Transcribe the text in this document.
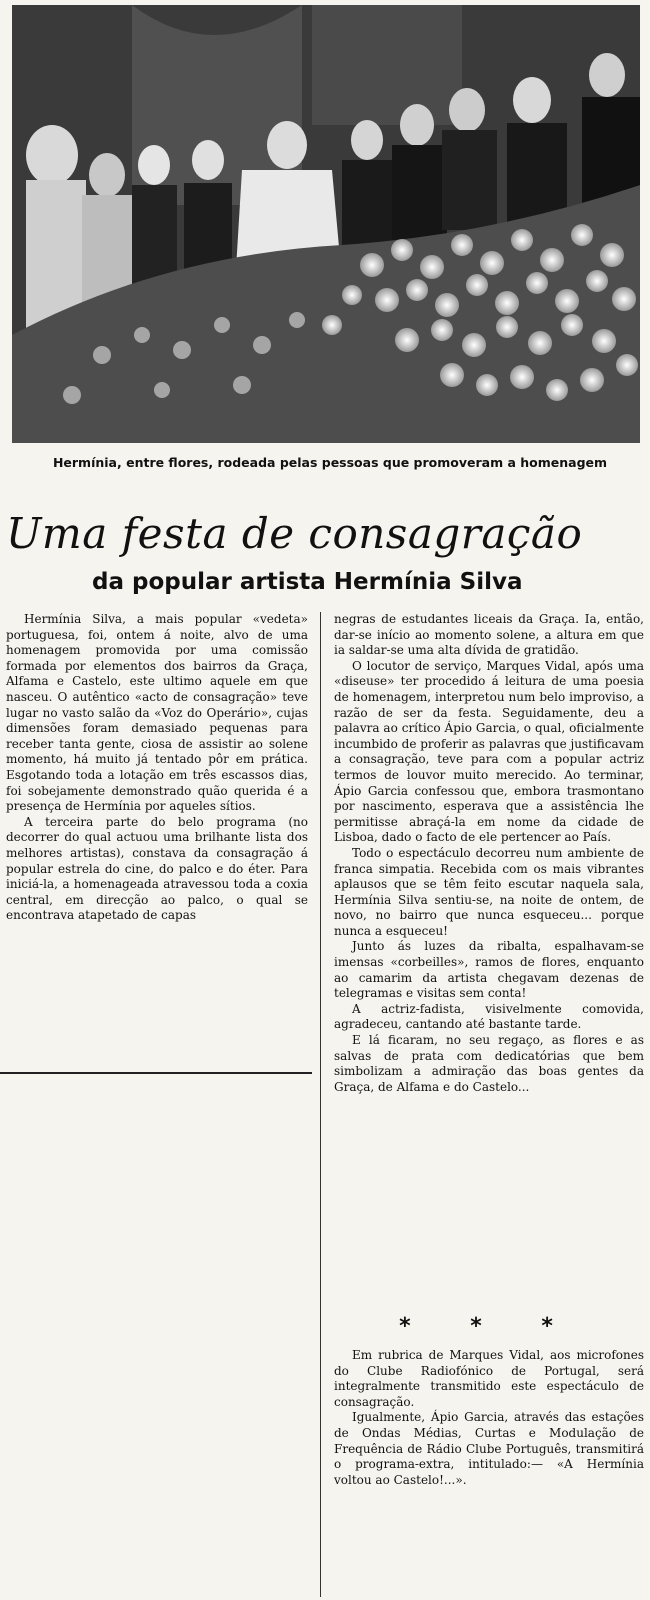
Hermínia, entre flores, rodeada pelas pessoas que promoveram a homenagem
Uma festa de consagração
da popular artista Hermínia Silva

Hermínia Silva, a mais popular «vedeta» portuguesa, foi, ontem á noite, alvo de uma homenagem promovida por uma comissão formada por elementos dos bairros da Graça, Alfama e Castelo, este ultimo aquele em que nasceu. O autêntico «acto de consagração» teve lugar no vasto salão da «Voz do Operário», cujas dimensões foram demasiado pequenas para receber tanta gente, ciosa de assistir ao solene momento, há muito já tentado pôr em prática. Esgotando toda a lotação em três escassos dias, foi sobejamente demonstrado quão querida é a presença de Hermínia por aqueles sítios.

A terceira parte do belo programa (no decorrer do qual actuou uma brilhante lista dos melhores artistas), constava da consagração á popular estrela do cine, do palco e do éter. Para iniciá-la, a homenageada atravessou toda a coxia central, em direcção ao palco, o qual se encontrava atapetado de capas

negras de estudantes liceais da Graça. Ia, então, dar-se início ao momento solene, a altura em que ia saldar-se uma alta dívida de gratidão.

O locutor de serviço, Marques Vidal, após uma «diseuse» ter procedido á leitura de uma poesia de homenagem, interpretou num belo improviso, a razão de ser da festa. Seguidamente, deu a palavra ao crítico Ápio Garcia, o qual, oficialmente incumbido de proferir as palavras que justificavam a consagração, teve para com a popular actriz termos de louvor muito merecido. Ao terminar, Ápio Garcia confessou que, embora trasmontano por nascimento, esperava que a assistência lhe permitisse abraçá-la em nome da cidade de Lisboa, dado o facto de ele pertencer ao País.

Todo o espectáculo decorreu num ambiente de franca simpatia. Recebida com os mais vibrantes aplausos que se têm feito escutar naquela sala, Hermínia Silva sentiu-se, na noite de ontem, de novo, no bairro que nunca esqueceu... porque nunca a esqueceu!

Junto ás luzes da ribalta, espalhavam-se imensas «corbeilles», ramos de flores, enquanto ao camarim da artista chegavam dezenas de telegramas e visitas sem conta!

A actriz-fadista, visivelmente comovida, agradeceu, cantando até bastante tarde.

E lá ficaram, no seu regaço, as flores e as salvas de prata com dedicatórias que bem simbolizam a admiração das boas gentes da Graça, de Alfama e do Castelo...

* * *

Em rubrica de Marques Vidal, aos microfones do Clube Radiofónico de Portugal, será integralmente transmitido este espectáculo de consagração.

Igualmente, Ápio Garcia, através das estações de Ondas Médias, Curtas e Modulação de Frequência de Rádio Clube Português, transmitirá o programa-extra, intitulado:— «A Hermínia voltou ao Castelo!...».
